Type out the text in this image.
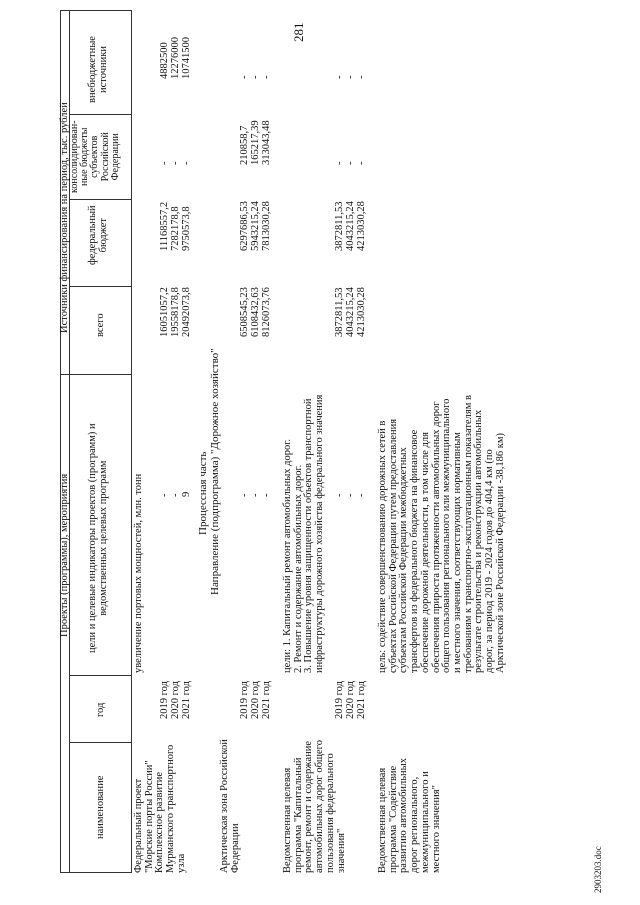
281
Проекты (программы), мероприятия
Источники финансирования на период, тыс. рублей
наименование
год
цели и целевые индикаторы проектов (программ) и ведомственных целевых программ
всего
федеральный бюджет
консолидирован- ные бюджеты субъектов Российской Федерации
внебюджетные источники
Федеральный проект "Морские порты России" Комплексное развитие Мурманского транспортного узла
увеличение портовых мощностей, млн. тонн
2019 год 2020 год 2021 год
- - 9
16051057,2 19558178,8 20492073,8
11168557,2 7282178,8 9750573,8
- - -
4882500 12276000 10741500
Процессная часть Направление (подпрограмма) "Дорожное хозяйство"
Арктическая зона Российской Федерации
2019 год 2020 год 2021 год
- - -
6508545,23 6108432,63 8126073,76
6297686,53 5943215,24 7813030,28
210858,7 165217,39 313043,48
- - -
Ведомственная целевая программа "Капитальный ремонт, ремонт и содержание автомобильных дорог общего пользования федерального значения"
цели: 1. Капитальный ремонт автомобильных дорог. 2. Ремонт и содержание автомобильных дорог. 3. Повышение уровня защищенности объектов транспортной инфраструктуры дорожного хозяйства федерального значения
2019 год 2020 год 2021 год
- - -
3872811,53 4043215,24 4213030,28
3872811,53 4043215,24 4213030,28
- - -
- - -
Ведомственная целевая программа "Содействие развитию автомобильных дорог регионального, межмуниципального и местного значения"
цель: содействие совершенствованию дорожных сетей в субъектах Российской Федерации путем предоставления субъектам Российской Федерации межбюджетных трансфертов из федерального бюджета на финансовое обеспечение дорожной деятельности, в том числе для обеспечения прироста протяженности автомобильных дорог общего пользования регионального или межмуниципального и местного значения, соответствующих нормативным требованиям к транспортно-эксплуатационным показателям в результате строительства и реконструкции автомобильных дорог, за период 2019 - 2024 годов до 404,4 км (по Арктической зоне Российской Федерации -38,186 км)
2903203.doc
